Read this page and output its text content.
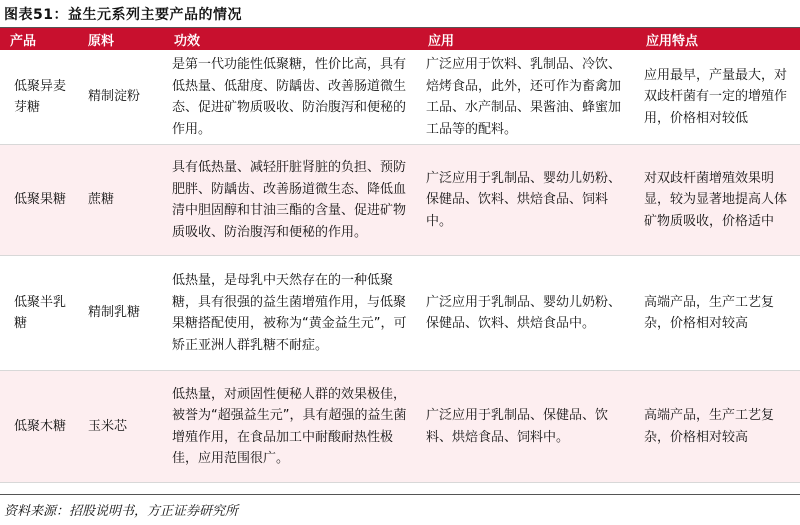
图表51：益生元系列主要产品的情况
产品	原料	功效	应用	应用特点
低聚异麦芽糖	精制淀粉	是第一代功能性低聚糖，性价比高，具有低热量、低甜度、防龋齿、改善肠道微生态、促进矿物质吸收、防治腹泻和便秘的作用。	广泛应用于饮料、乳制品、冷饮、焙烤食品，此外，还可作为畜禽加工品、水产制品、果酱油、蜂蜜加工品等的配料。	应用最早，产量最大，对双歧杆菌有一定的增殖作用，价格相对较低
低聚果糖	蔗糖	具有低热量、减轻肝脏肾脏的负担、预防肥胖、防龋齿、改善肠道微生态、降低血清中胆固醇和甘油三酯的含量、促进矿物质吸收、防治腹泻和便秘的作用。	广泛应用于乳制品、婴幼儿奶粉、保健品、饮料、烘焙食品、饲料中。	对双歧杆菌增殖效果明显，较为显著地提高人体矿物质吸收，价格适中
低聚半乳糖	精制乳糖	低热量，是母乳中天然存在的一种低聚糖，具有很强的益生菌增殖作用，与低聚果糖搭配使用，被称为“黄金益生元”，可矫正亚洲人群乳糖不耐症。	广泛应用于乳制品、婴幼儿奶粉、保健品、饮料、烘焙食品中。	高端产品，生产工艺复杂，价格相对较高
低聚木糖	玉米芯	低热量，对顽固性便秘人群的效果极佳，被誉为“超强益生元”，具有超强的益生菌增殖作用，在食品加工中耐酸耐热性极佳，应用范围很广。	广泛应用于乳制品、保健品、饮料、烘焙食品、饲料中。	高端产品，生产工艺复杂，价格相对较高
资料来源：招股说明书，方正证券研究所
